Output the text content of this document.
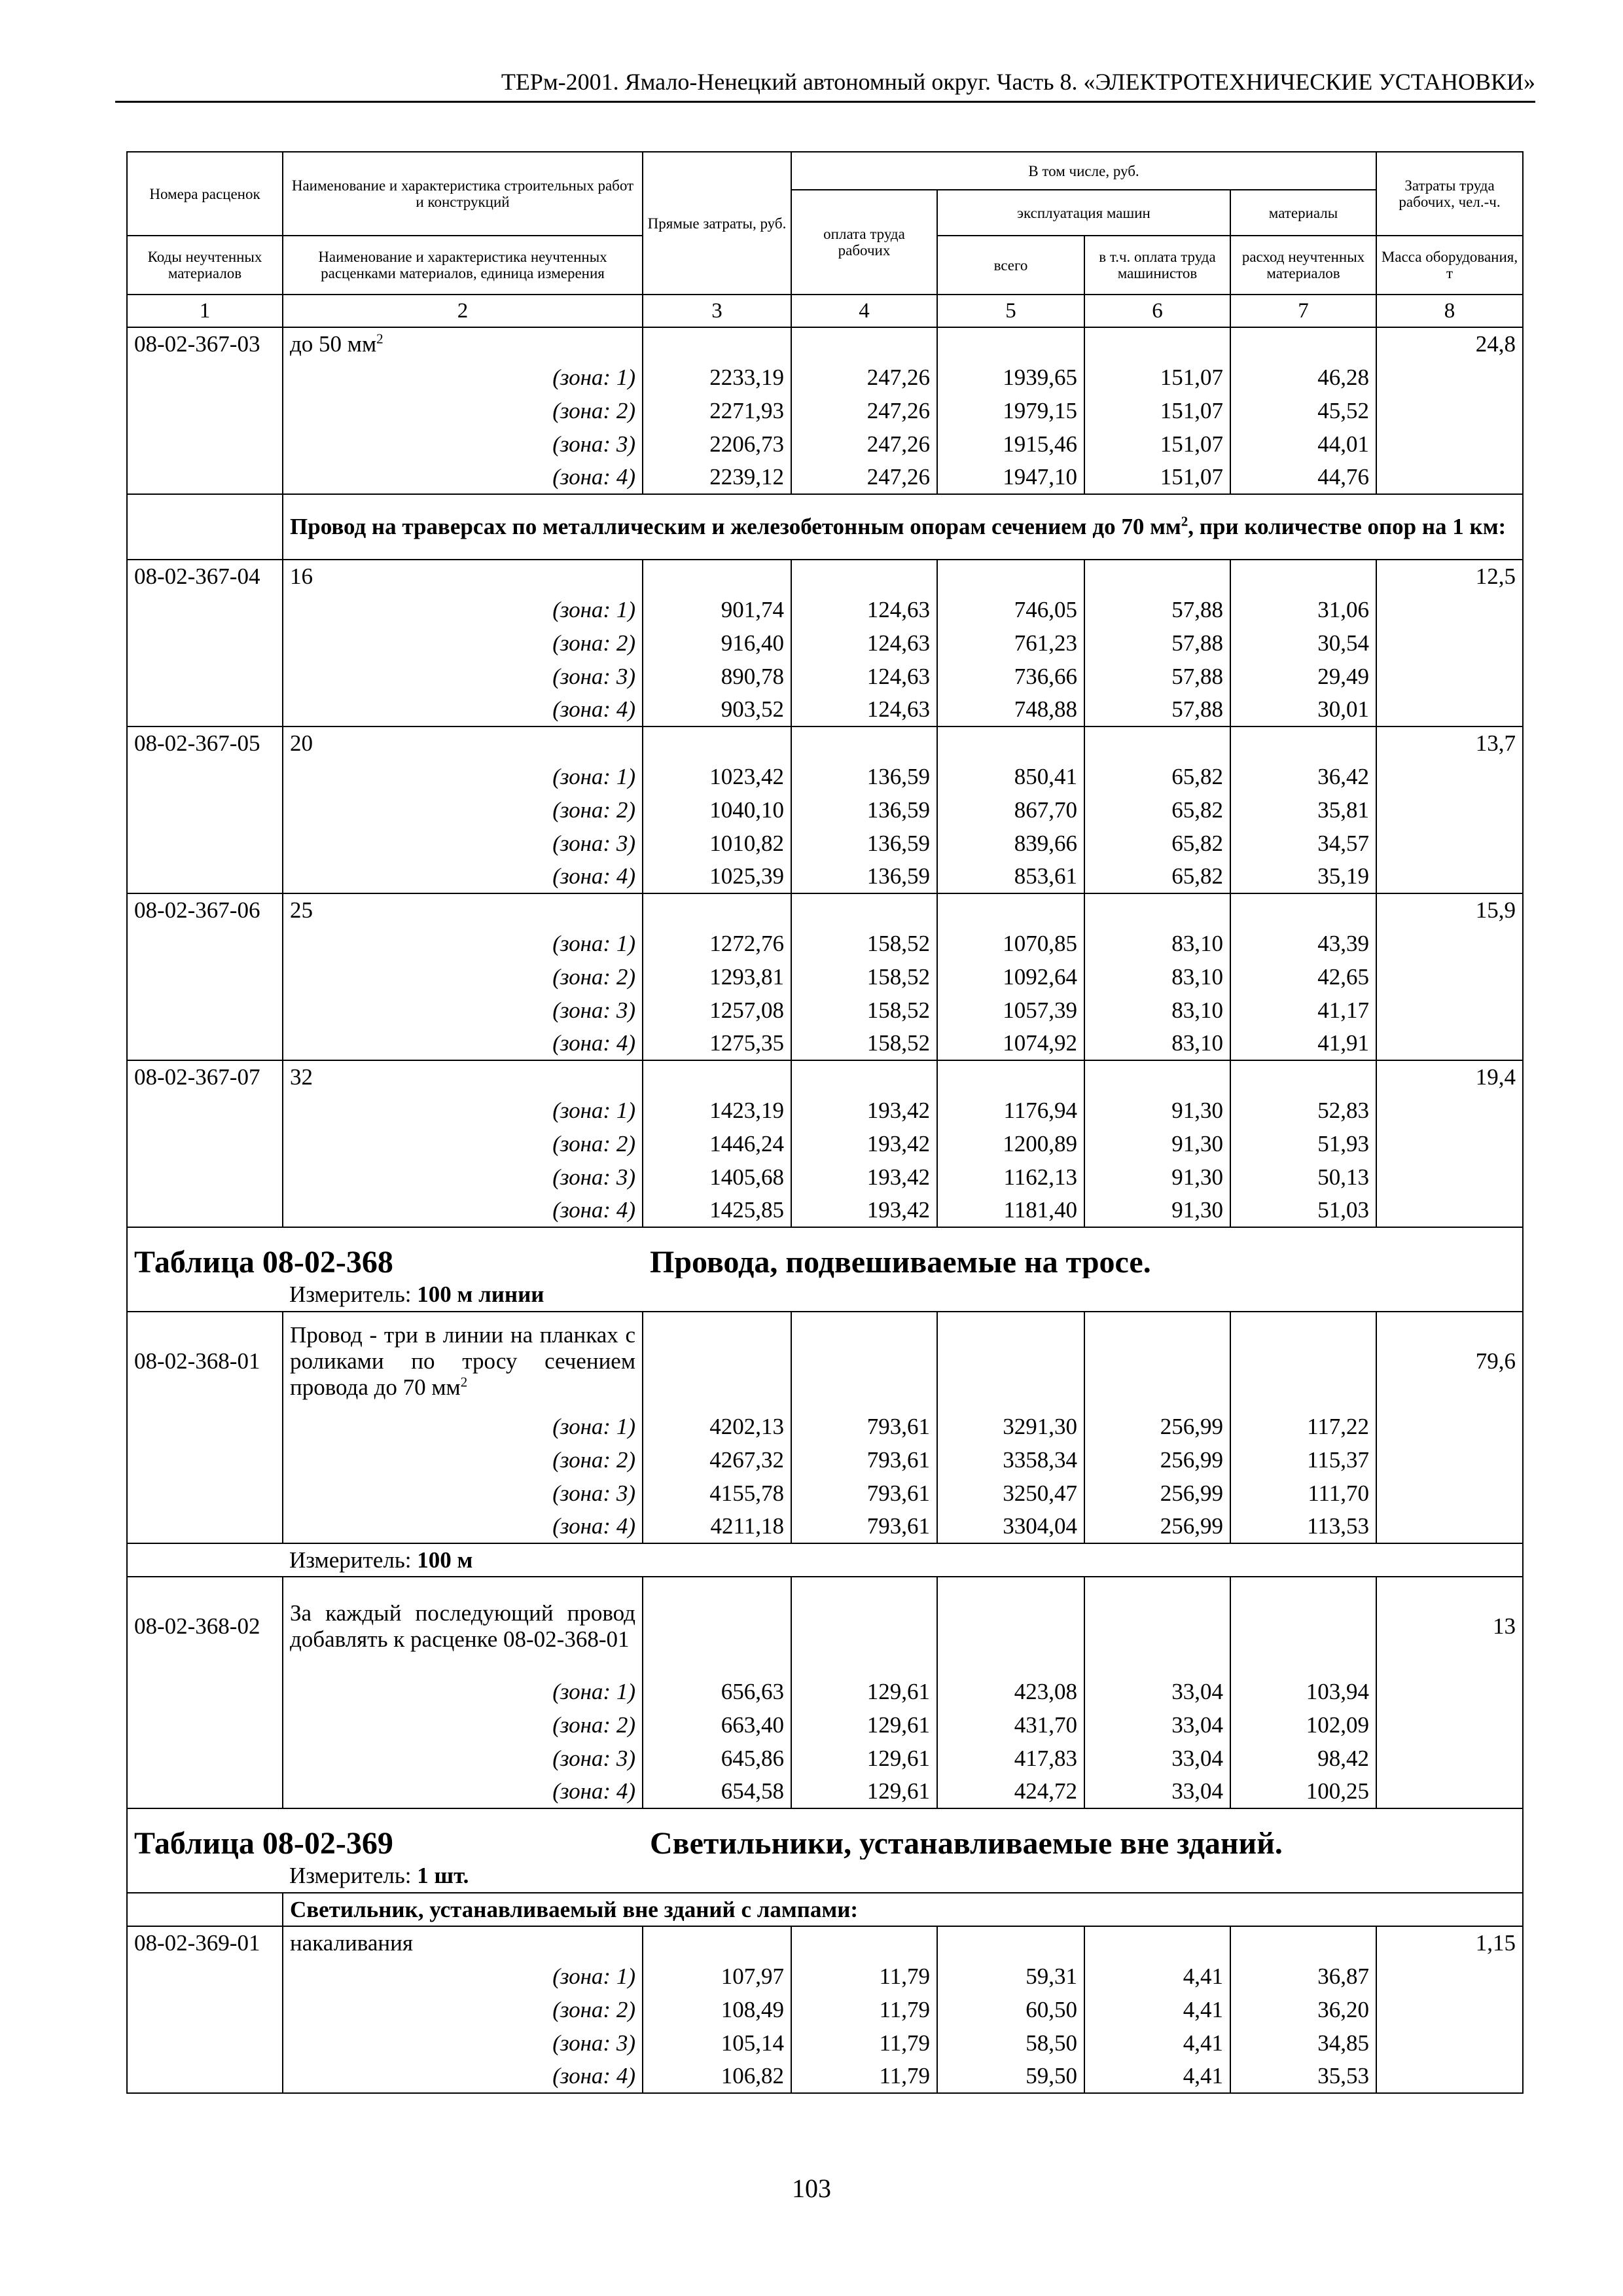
ТЕРм-2001. Ямало-Ненецкий автономный округ. Часть 8. «ЭЛЕКТРОТЕХНИЧЕСКИЕ УСТАНОВКИ»
Номера расценок	Наименование и характеристика строительных работ и конструкций	Прямые затраты, руб.	В том числе, руб.				Затраты труда рабочих, чел.-ч.
			оплата труда рабочих	эксплуатация машин		материалы	
Коды неучтенных материалов	Наименование и характеристика неучтенных расценками материалов, единица измерения			всего	в т.ч. оплата труда машинистов	расход неучтенных материалов	Масса оборудования, т
1	2	3	4	5	6	7	8
08-02-367-03	до 50 $мм^2$						24,8
	(зона: 1)	2233,19	247,26	1939,65	151,07	46,28	
	(зона: 2)	2271,93	247,26	1979,15	151,07	45,52	
	(зона: 3)	2206,73	247,26	1915,46	151,07	44,01	
	(зона: 4)	2239,12	247,26	1947,10	151,07	44,76	
	Провод на траверсах по металлическим и железобетонным опорам сечением до 70 $мм^2$, при количестве опор на 1 км:						
08-02-367-04	16						12,5
	(зона: 1)	901,74	124,63	746,05	57,88	31,06	
	(зона: 2)	916,40	124,63	761,23	57,88	30,54	
	(зона: 3)	890,78	124,63	736,66	57,88	29,49	
	(зона: 4)	903,52	124,63	748,88	57,88	30,01	
08-02-367-05	20						13,7
	(зона: 1)	1023,42	136,59	850,41	65,82	36,42	
	(зона: 2)	1040,10	136,59	867,70	65,82	35,81	
	(зона: 3)	1010,82	136,59	839,66	65,82	34,57	
	(зона: 4)	1025,39	136,59	853,61	65,82	35,19	
08-02-367-06	25						15,9
	(зона: 1)	1272,76	158,52	1070,85	83,10	43,39	
	(зона: 2)	1293,81	158,52	1092,64	83,10	42,65	
	(зона: 3)	1257,08	158,52	1057,39	83,10	41,17	
	(зона: 4)	1275,35	158,52	1074,92	83,10	41,91	
08-02-367-07	32						19,4
	(зона: 1)	1423,19	193,42	1176,94	91,30	52,83	
	(зона: 2)	1446,24	193,42	1200,89	91,30	51,93	
	(зона: 3)	1405,68	193,42	1162,13	91,30	50,13	
	(зона: 4)	1425,85	193,42	1181,40	91,30	51,03	
Таблица 08-02-368 Провода, подвешиваемые на тросе.							
	Измеритель: 100 м линии						
08-02-368-01	Провод - три в линии на планках с роликами по тросу сечением провода до 70 $мм^2$						79,6
	(зона: 1)	4202,13	793,61	3291,30	256,99	117,22	
	(зона: 2)	4267,32	793,61	3358,34	256,99	115,37	
	(зона: 3)	4155,78	793,61	3250,47	256,99	111,70	
	(зона: 4)	4211,18	793,61	3304,04	256,99	113,53	
	Измеритель: 100 м						
08-02-368-02	За каждый последующий провод добавлять к расценке 08-02-368-01						13
	(зона: 1)	656,63	129,61	423,08	33,04	103,94	
	(зона: 2)	663,40	129,61	431,70	33,04	102,09	
	(зона: 3)	645,86	129,61	417,83	33,04	98,42	
	(зона: 4)	654,58	129,61	424,72	33,04	100,25	
Таблица 08-02-369 Светильники, устанавливаемые вне зданий.							
	Измеритель: 1 шт.						
	Светильник, устанавливаемый вне зданий с лампами:						
08-02-369-01	накаливания						1,15
	(зона: 1)	107,97	11,79	59,31	4,41	36,87	
	(зона: 2)	108,49	11,79	60,50	4,41	36,20	
	(зона: 3)	105,14	11,79	58,50	4,41	34,85	
	(зона: 4)	106,82	11,79	59,50	4,41	35,53	
103
